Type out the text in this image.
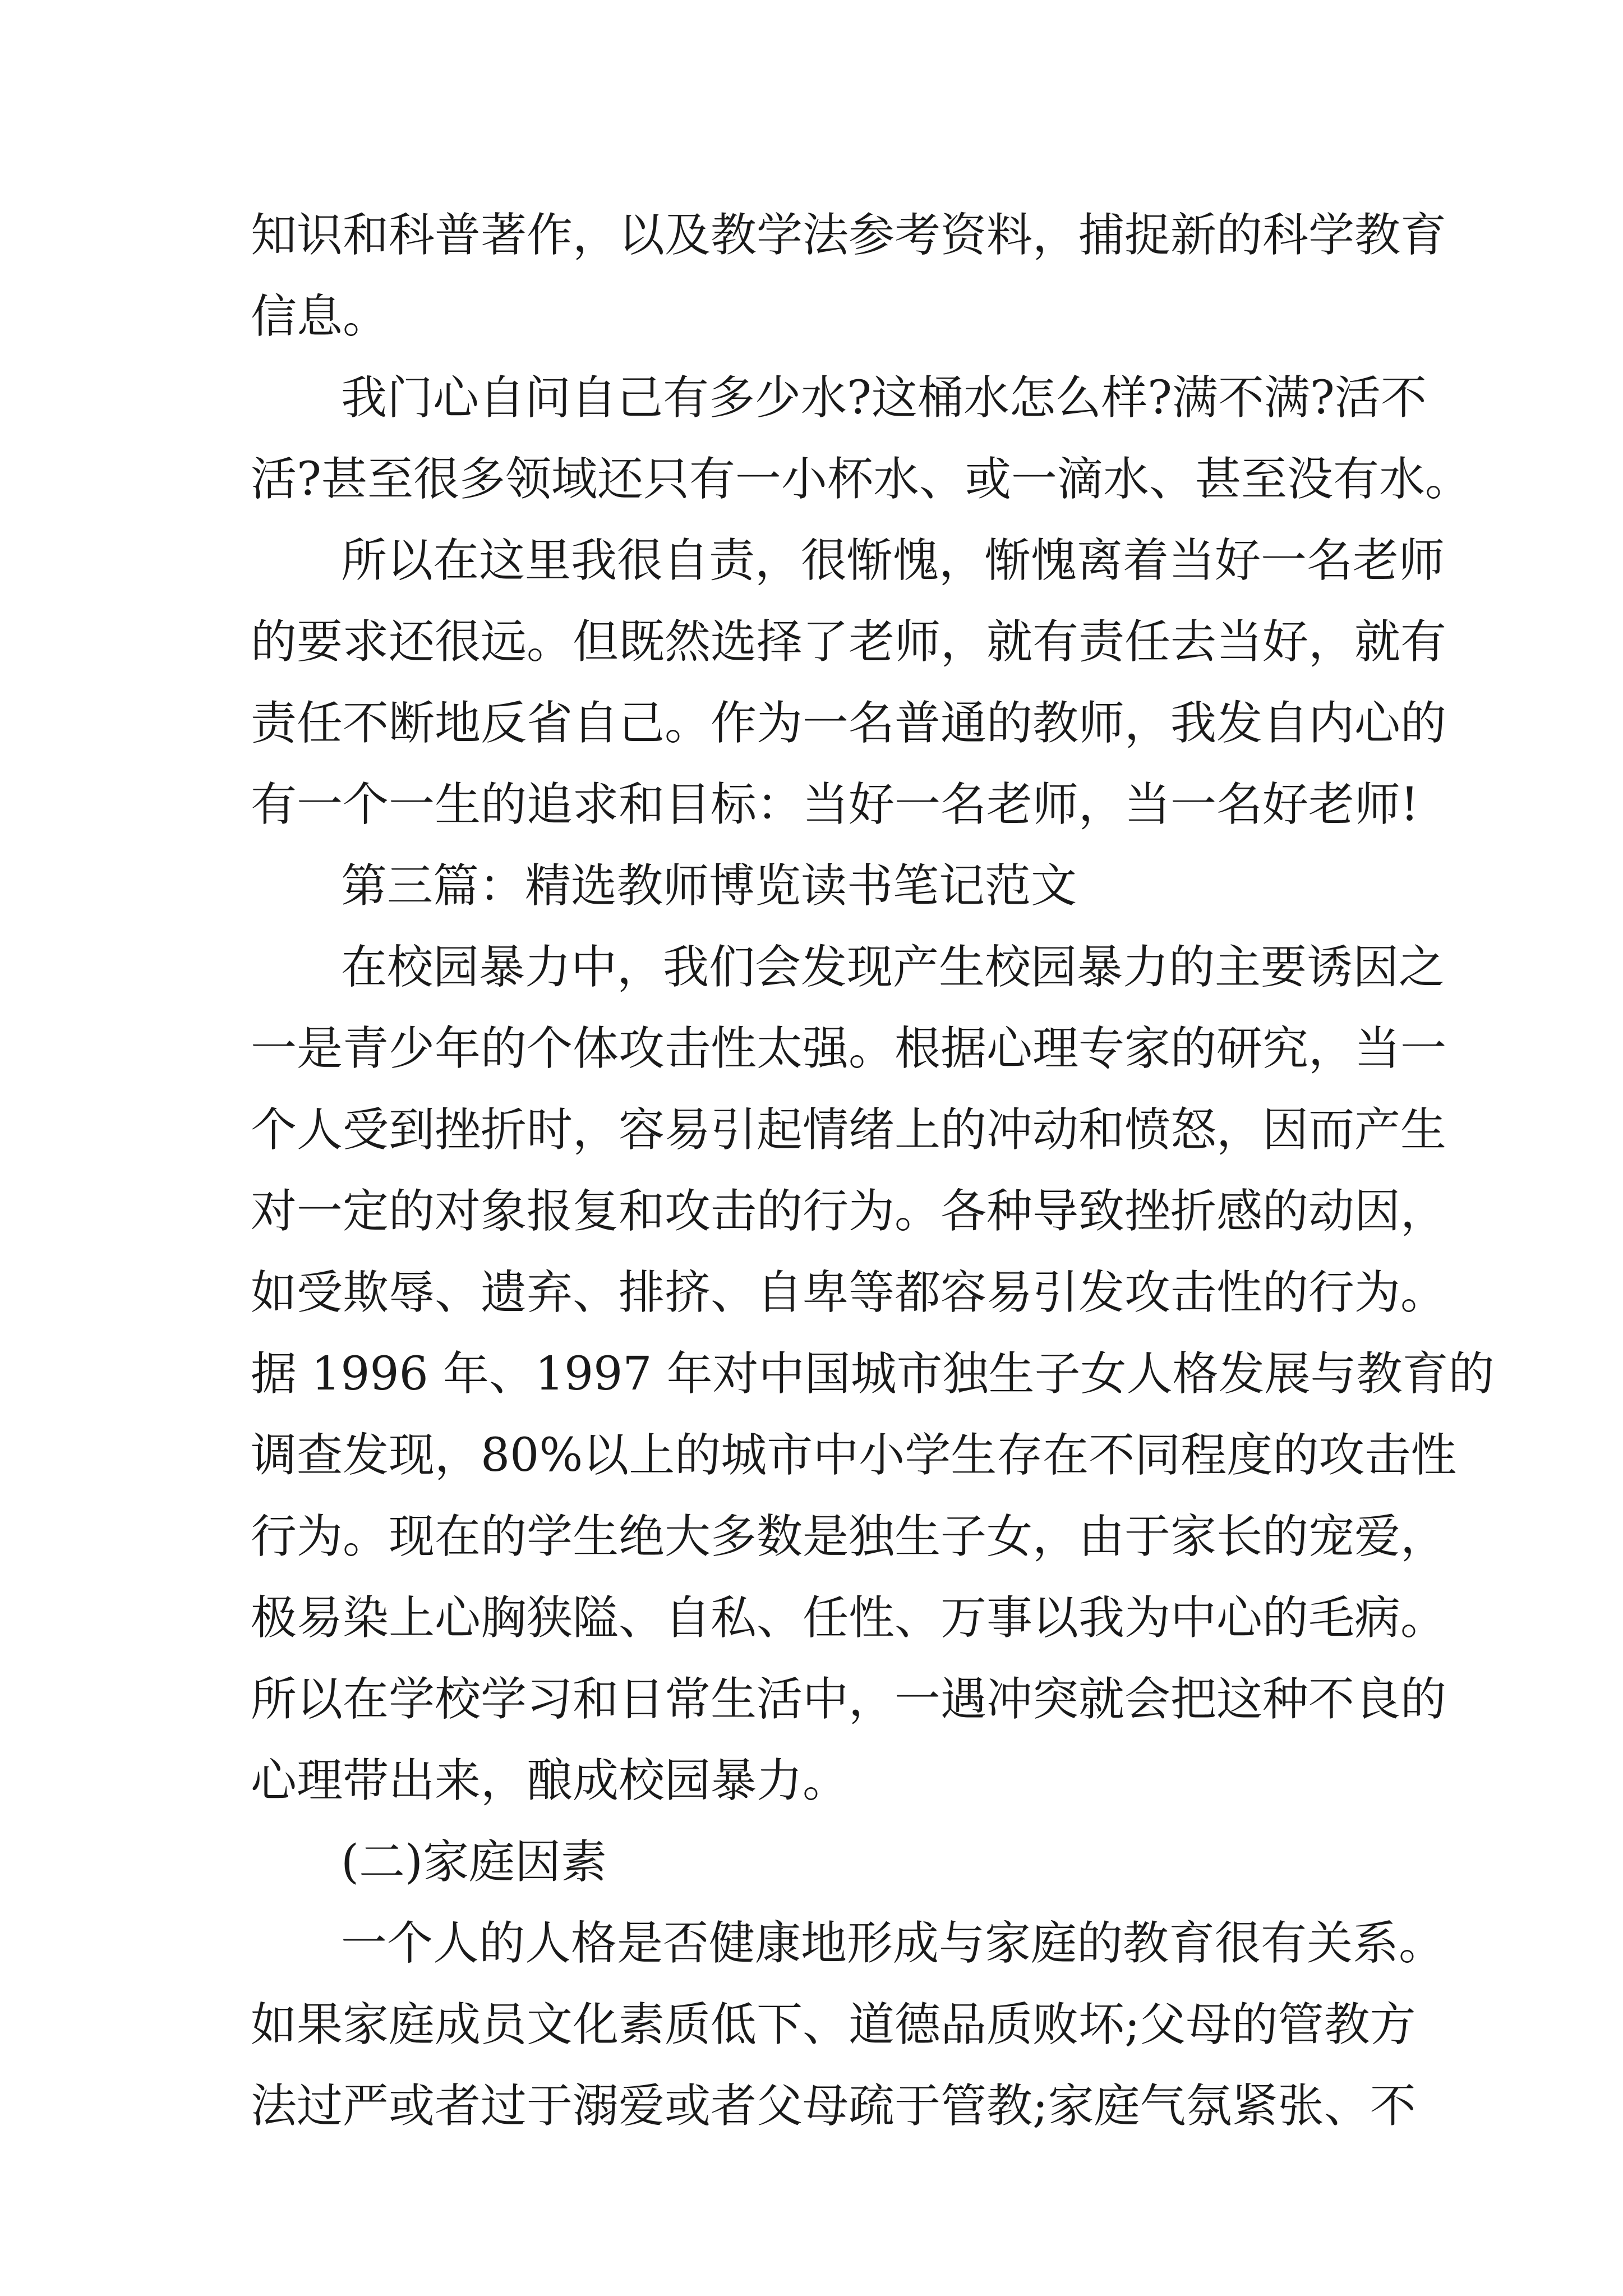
知识和科普著作，以及教学法参考资料，捕捉新的科学教育
信息。
我门心自问自己有多少水?这桶水怎么样?满不满?活不
活?甚至很多领域还只有一小杯水、或一滴水、甚至没有水。
所以在这里我很自责，很惭愧，惭愧离着当好一名老师
的要求还很远。但既然选择了老师，就有责任去当好，就有
责任不断地反省自己。作为一名普通的教师，我发自内心的
有一个一生的追求和目标：当好一名老师，当一名好老师!
第三篇：精选教师博览读书笔记范文
在校园暴力中，我们会发现产生校园暴力的主要诱因之
一是青少年的个体攻击性太强。根据心理专家的研究，当一
个人受到挫折时，容易引起情绪上的冲动和愤怒，因而产生
对一定的对象报复和攻击的行为。各种导致挫折感的动因，
如受欺辱、遗弃、排挤、自卑等都容易引发攻击性的行为。
据 1996 年、1997 年对中国城市独生子女人格发展与教育的
调查发现，80%以上的城市中小学生存在不同程度的攻击性
行为。现在的学生绝大多数是独生子女，由于家长的宠爱，
极易染上心胸狭隘、自私、任性、万事以我为中心的毛病。
所以在学校学习和日常生活中，一遇冲突就会把这种不良的
心理带出来，酿成校园暴力。
(二)家庭因素
一个人的人格是否健康地形成与家庭的教育很有关系。
如果家庭成员文化素质低下、道德品质败坏;父母的管教方
法过严或者过于溺爱或者父母疏于管教;家庭气氛紧张、不
